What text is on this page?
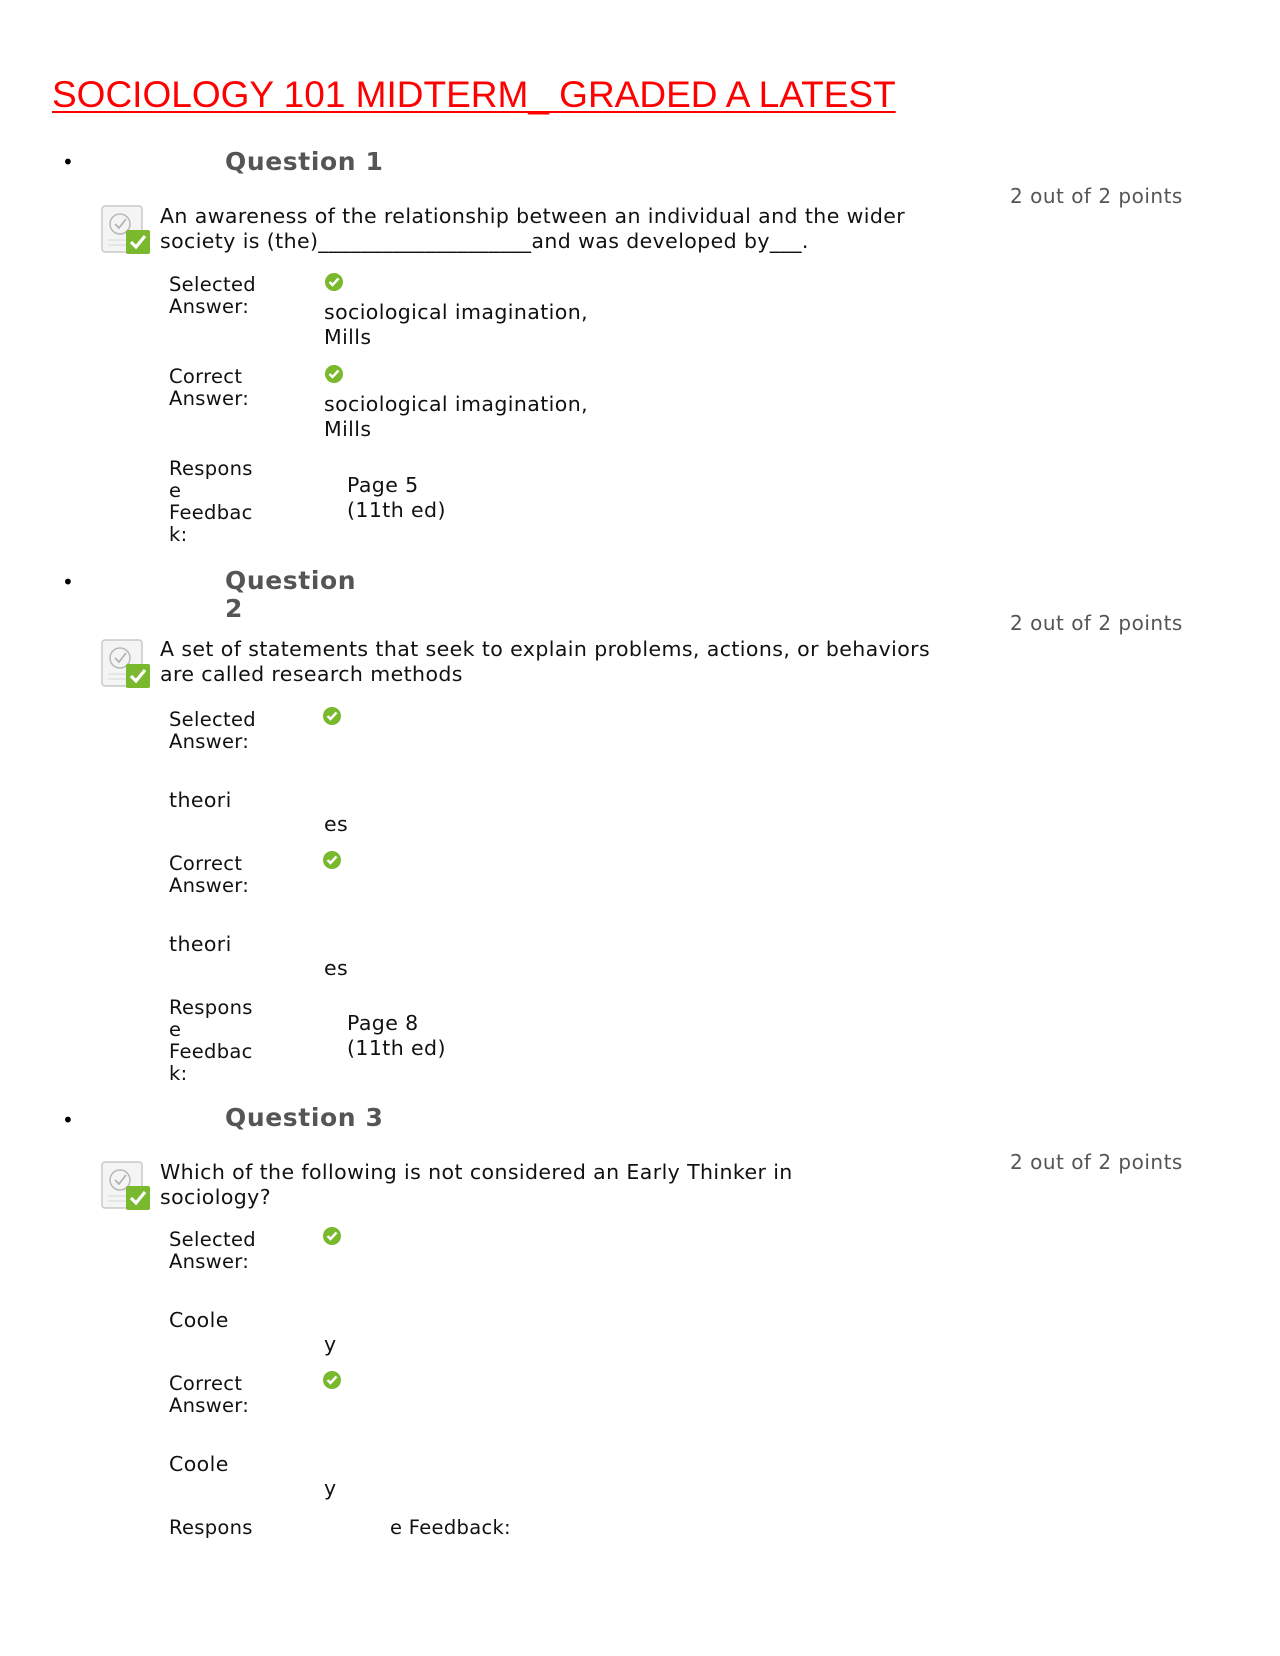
SOCIOLOGY 101 MIDTERM_ GRADED A LATEST
•	Question 1
2 out of 2 points
An awareness of the relationship between an individual and the wider
society is (the)____________________and was developed by___.
Selected
Answer:	sociological imagination,
Mills
Correct
Answer:	sociological imagination,
Mills
Respons
e
Feedbac
k:
Page 5
(11th ed)
•	Question
2	2 out of 2 points
A set of statements that seek to explain problems, actions, or behaviors
are called research methods
Selected
Answer:
theori
es
Correct
Answer:
theori
es
Respons
e
Feedbac
k:
Page 8
(11th ed)
•	Question 3
2 out of 2 points
Which of the following is not considered an Early Thinker in
sociology?
Selected
Answer:
Coole
y
Correct
Answer:
Coole
y
Respons	e Feedback:
